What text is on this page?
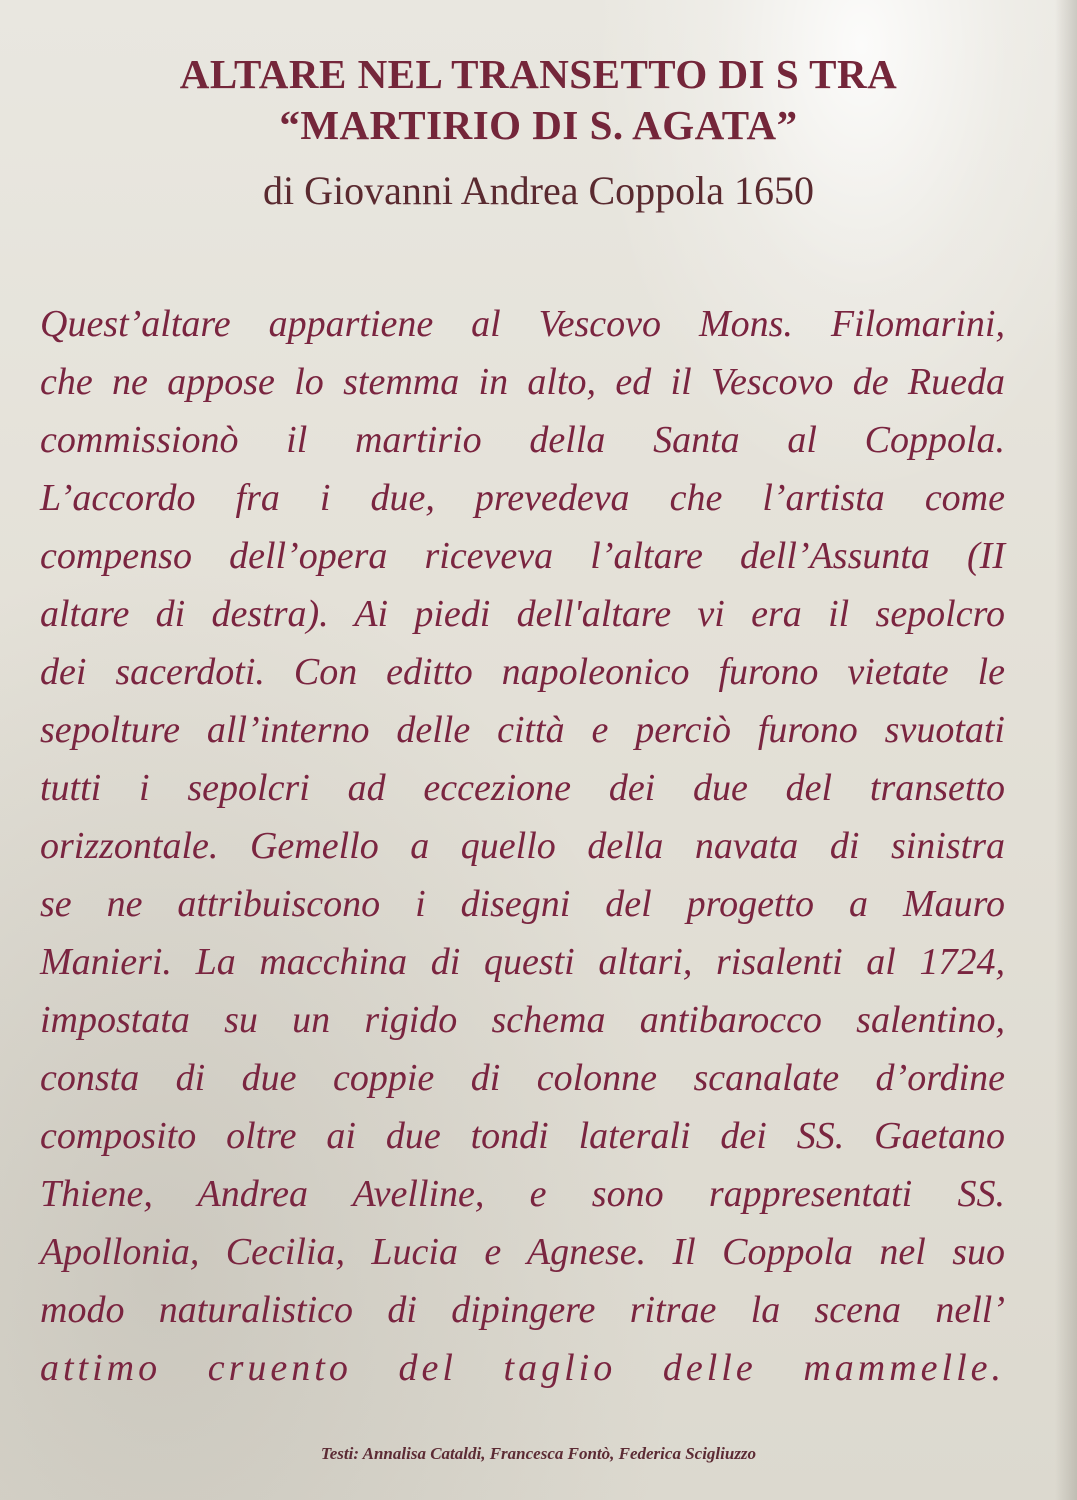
ALTARE NEL TRANSETTO DI S TRA
“MARTIRIO DI S. AGATA”
di Giovanni Andrea Coppola 1650
Quest’altare appartiene al Vescovo Mons. Filomarini,
che ne appose lo stemma in alto, ed il Vescovo de Rueda
commissionò il martirio della Santa al Coppola.
L’accordo fra i due, prevedeva che l’artista come
compenso dell’opera riceveva l’altare dell’Assunta (II
altare di destra). Ai piedi dell'altare vi era il sepolcro
dei sacerdoti. Con editto napoleonico furono vietate le
sepolture all’interno delle città e perciò furono svuotati
tutti i sepolcri ad eccezione dei due del transetto
orizzontale. Gemello a quello della navata di sinistra
se ne attribuiscono i disegni del progetto a Mauro
Manieri. La macchina di questi altari, risalenti al 1724,
impostata su un rigido schema antibarocco salentino,
consta di due coppie di colonne scanalate d’ordine
composito oltre ai due tondi laterali dei SS. Gaetano
Thiene, Andrea Avelline, e sono rappresentati SS.
Apollonia, Cecilia, Lucia e Agnese. Il Coppola nel suo
modo naturalistico di dipingere ritrae la scena nell’
attimo cruento del taglio delle mammelle.

Testi: Annalisa Cataldi, Francesca Fontò, Federica Scigliuzzo
